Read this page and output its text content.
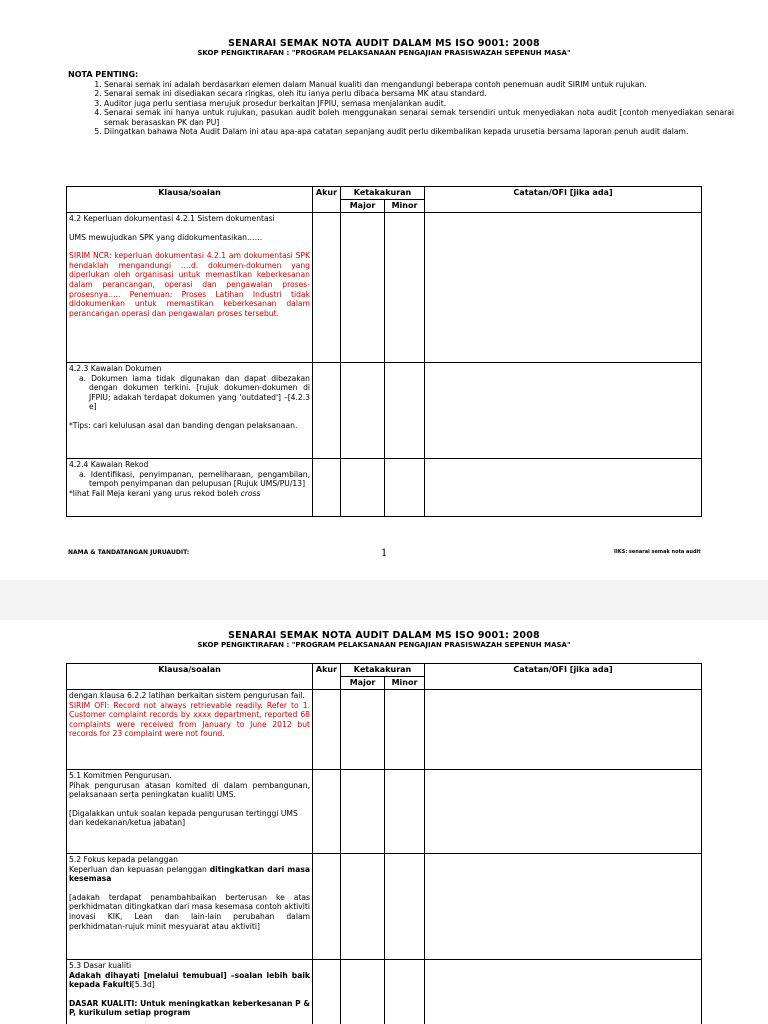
SENARAI SEMAK NOTA AUDIT DALAM MS ISO 9001: 2008
SKOP PENGIKTIRAFAN : "PROGRAM PELAKSANAAN PENGAJIAN PRASISWAZAH SEPENUH MASA"
NOTA PENTING:
1. Senarai semak ini adalah berdasarkan elemen dalam Manual kualiti dan mengandungi beberapa contoh penemuan audit SIRIM untuk rujukan.
2. Senarai semak ini disediakan secara ringkas, oleh itu ianya perlu dibaca bersama MK atau standard.
3. Auditor juga perlu sentiasa merujuk prosedur berkaitan JFPIU, semasa menjalankan audit.
4. Senarai semak ini hanya untuk rujukan, pasukan audit boleh menggunakan senarai semak tersendiri untuk menyediakan nota audit [contoh menyediakan senarai semak berasaskan PK dan PU]
5. Diingatkan bahawa Nota Audit Dalam ini atau apa-apa catatan sepanjang audit perlu dikembalikan kepada urusetia bersama laporan penuh audit dalam.
Klausa/soalan	Akur	Ketakakuran		Catatan/OFI [jika ada]
		Major	Minor	

4.2 Keperluan dokumentasi 4.2.1 Sistem dokumentasi
UMS mewujudkan SPK yang didokumentasikan……
SIRIM NCR: keperluan dokumentasi 4.2.1 am dokumentasi SPK hendaklah mengandungi ….d. dokumen-dokumen yang diperlukan oleh organisasi untuk memastikan keberkesanan dalam perancangan, operasi dan pengawalan proses-prosesnya….. Penemuan: Proses Latihan Industri tidak didokumenkan untuk memastikan keberkesanan dalam perancangan operasi dan pengawalan proses tersebut.				

4.2.3 Kawalan Dokumen
a. Dokumen lama tidak digunakan dan dapat dibezakan dengan dokumen terkini. [rujuk dokumen-dokumen di JFPIU; adakah terdapat dokumen yang 'outdated'] –[4.2.3 e]
*Tips: cari kelulusan asal dan banding dengan pelaksanaan.				

4.2.4 Kawalan Rekod
a. Identifikasi, penyimpanan, pemeliharaan, pengambilan, tempoh penyimpanan dan pelupusan [Rujuk UMS/PU/13]
*lihat Fail Meja kerani yang urus rekod boleh cross				

NAMA & TANDATANGAN JURUAUDIT:	1	IIKS: senarai semak nota audit
SENARAI SEMAK NOTA AUDIT DALAM MS ISO 9001: 2008
SKOP PENGIKTIRAFAN : "PROGRAM PELAKSANAAN PENGAJIAN PRASISWAZAH SEPENUH MASA"
Klausa/soalan	Akur	Ketakakuran		Catatan/OFI [jika ada]
		Major	Minor	

dengan klausa 6.2.2 latihan berkaitan sistem pengurusan fail.
SIRIM OFI: Record not always retrievable readily. Refer to 1. Customer complaint records by xxxx department, reported 68 complaints were received from January to June 2012 but records for 23 complaint were not found.				

5.1 Komitmen Pengurusan.
Pihak pengurusan atasan komited di dalam pembangunan, pelaksanaan serta peningkatan kualiti UMS.
[Digalakkan untuk soalan kepada pengurusan tertinggi UMS dan kedekanan/ketua jabatan]				

5.2 Fokus kepada pelanggan
Keperluan dan kepuasan pelanggan ditingkatkan dari masa kesemasa
[adakah terdapat penambahbaikan berterusan ke atas perkhidmatan ditingkatkan dari masa kesemasa contoh aktiviti inovasi KIK, Lean dan lain-lain perubahan dalam perkhidmatan-rujuk minit mesyuarat atau aktiviti]				

5.3 Dasar kualiti
Adakah dihayati [melalui temubual] –soalan lebih baik kepada Fakulti[5.3d]
DASAR KUALITI: Untuk meningkatkan keberkesanan P & P, kurikulum setiap program				
